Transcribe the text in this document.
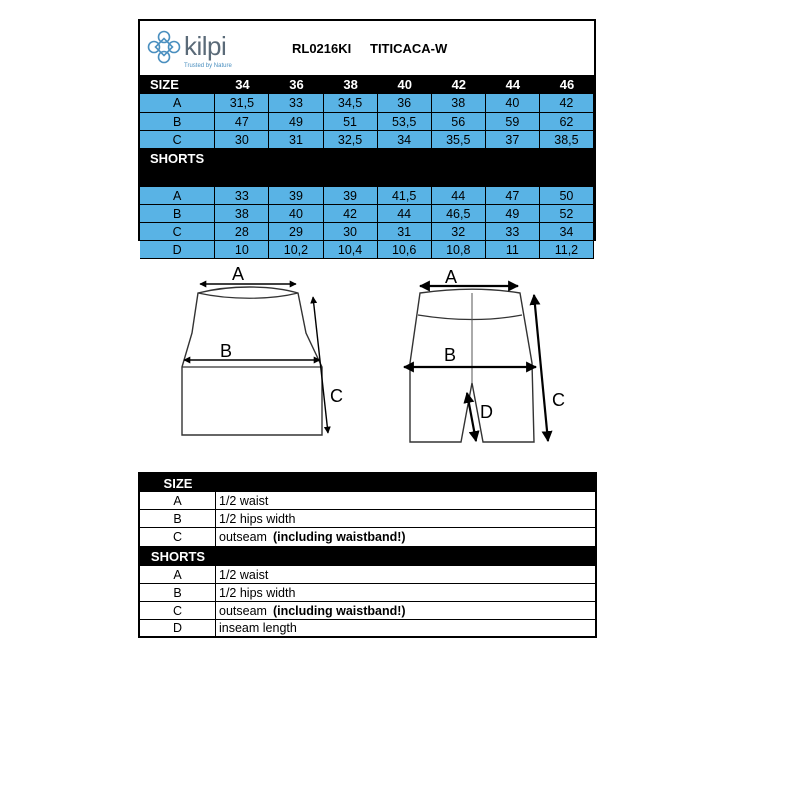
kilpi
Trusted by Nature
RL0216KI TITICACA-W
SIZE	34	36	38	40	42	44	46
A	31,5	33	34,5	36	38	40	42
B	47	49	51	53,5	56	59	62
C	30	31	32,5	34	35,5	37	38,5
SHORTS
A	33	39	39	41,5	44	47	50
B	38	40	42	44	46,5	49	52
C	28	29	30	31	32	33	34
D	10	10,2	10,4	10,6	10,8	11	11,2
A
B
C
A
B
C
D
SIZE
A	1/2 waist
B	1/2 hips width
C	outseam (including waistband!)
SHORTS
A	1/2 waist
B	1/2 hips width
C	outseam (including waistband!)
D	inseam length
